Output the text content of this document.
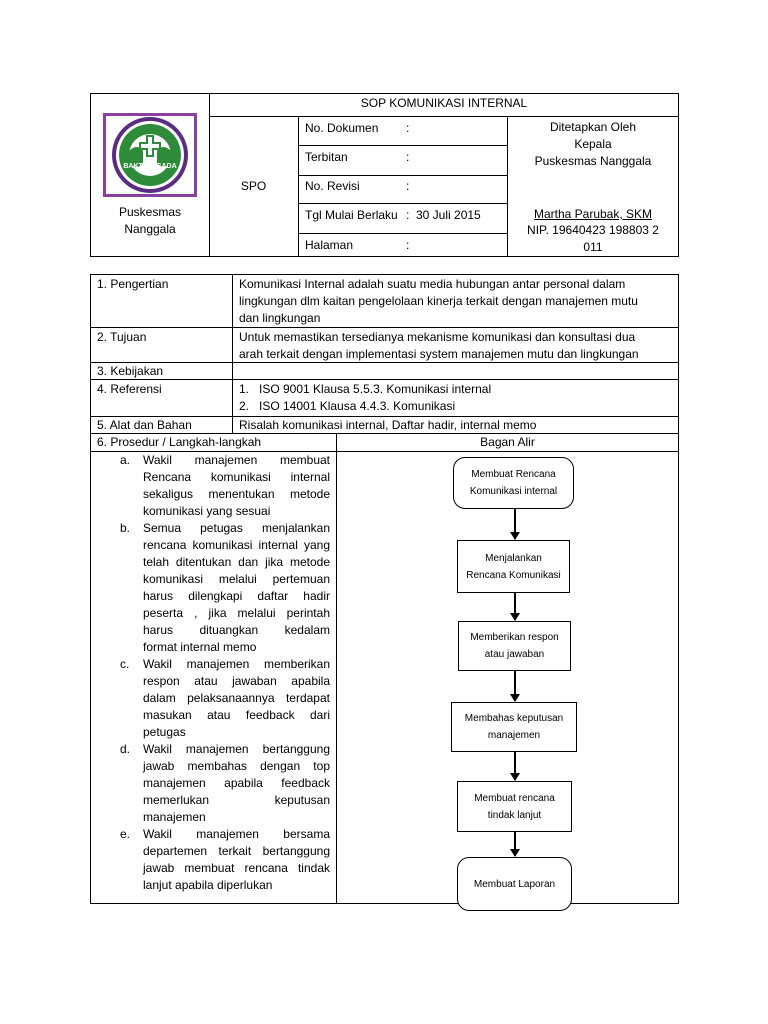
SOP KOMUNIKASI INTERNAL
BAKTI HUSADA
Puskesmas
Nanggala
SPO
No. Dokumen :
Terbitan	:
No. Revisi	:
Tgl Mulai Berlaku : 30 Juli 2015
Halaman	:
Ditetapkan Oleh
Kepala
Puskesmas Nanggala
Martha Parubak, SKM
NIP. 19640423 198803 2
011
1. Pengertian	Komunikasi Internal adalah suatu media hubungan antar personal dalam
lingkungan dlm kaitan pengelolaan kinerja terkait dengan manajemen mutu
dan lingkungan
2. Tujuan	Untuk memastikan tersedianya mekanisme komunikasi dan konsultasi dua
arah terkait dengan implementasi system manajemen mutu dan lingkungan
3. Kebijakan
4. Referensi	1. ISO 9001 Klausa 5.5.3. Komunikasi internal
2. ISO 14001 Klausa 4.4.3. Komunikasi
5. Alat dan Bahan	Risalah komunikasi internal, Daftar hadir, internal memo
6. Prosedur / Langkah-langkah	Bagan Alir
a. Wakil manajemen membuat
Rencana komunikasi internal
sekaligus menentukan metode
komunikasi yang sesuai
b. Semua petugas menjalankan
rencana komunikasi internal yang
telah ditentukan dan jika metode
komunikasi melalui pertemuan
harus dilengkapi daftar hadir
peserta , jika melalui perintah
harus dituangkan kedalam
format internal memo
c. Wakil manajemen memberikan
respon atau jawaban apabila
dalam pelaksanaannya terdapat
masukan atau feedback dari
petugas
d. Wakil manajemen bertanggung
jawab membahas dengan top
manajemen apabila feedback
memerlukan keputusan
manajemen
e. Wakil manajemen bersama
departemen terkait bertanggung
jawab membuat rencana tindak
lanjut apabila diperlukan
Membuat Rencana
Komunikasi internal
Menjalankan
Rencana Komunikasi
Memberikan respon
atau jawaban
Membahas keputusan
manajemen
Membuat rencana
tindak lanjut
Membuat Laporan
